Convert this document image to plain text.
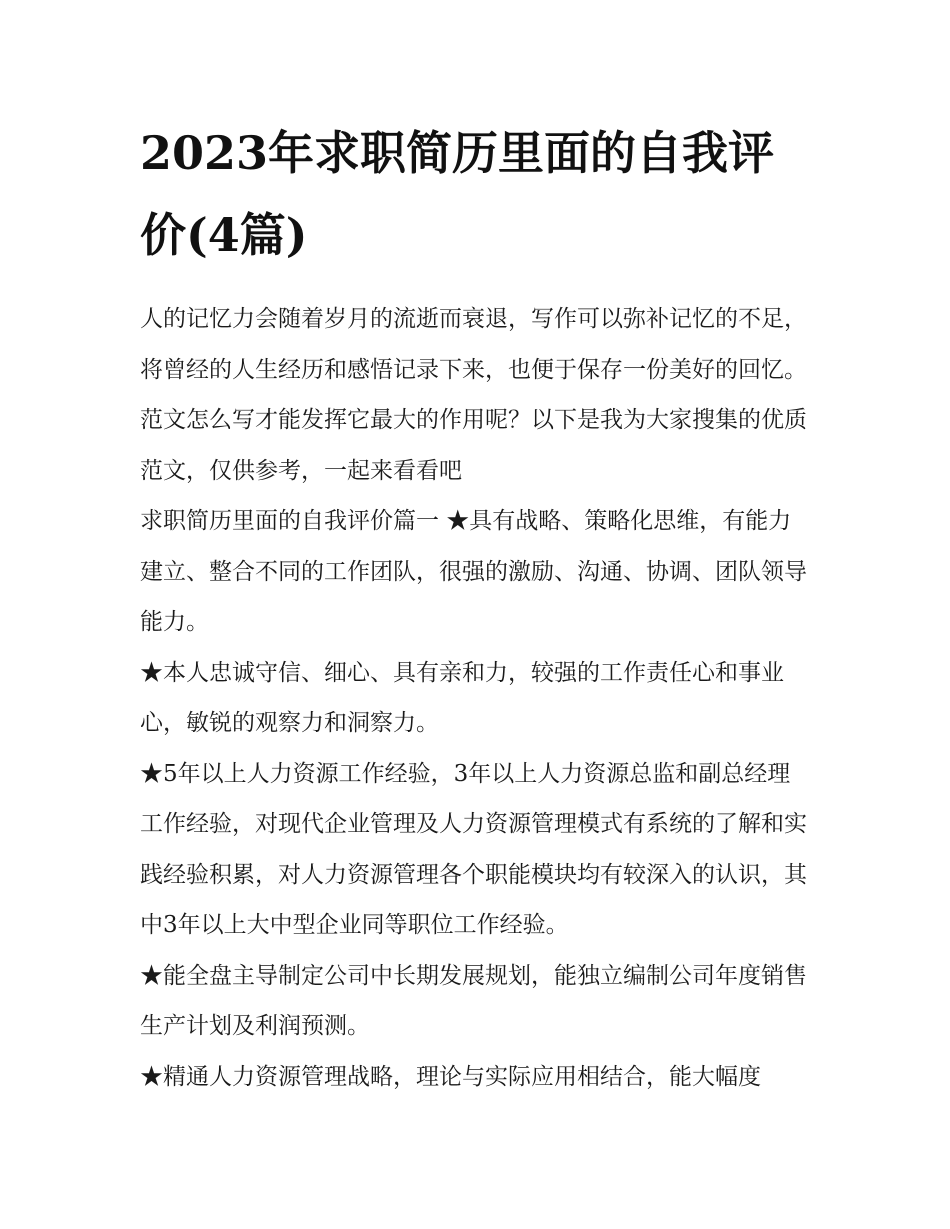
2023年求职简历里面的自我评价(4篇)

人的记忆力会随着岁月的流逝而衰退，写作可以弥补记忆的不足，将曾经的人生经历和感悟记录下来，也便于保存一份美好的回忆。范文怎么写才能发挥它最大的作用呢？以下是我为大家搜集的优质范文，仅供参考，一起来看看吧

求职简历里面的自我评价篇一 ★具有战略、策略化思维，有能力建立、整合不同的工作团队，很强的激励、沟通、协调、团队领导能力。

★本人忠诚守信、细心、具有亲和力，较强的工作责任心和事业心，敏锐的观察力和洞察力。

★5年以上人力资源工作经验，3年以上人力资源总监和副总经理工作经验，对现代企业管理及人力资源管理模式有系统的了解和实践经验积累，对人力资源管理各个职能模块均有较深入的认识，其中3年以上大中型企业同等职位工作经验。

★能全盘主导制定公司中长期发展规划，能独立编制公司年度销售生产计划及利润预测。

★精通人力资源管理战略，理论与实际应用相结合，能大幅度
